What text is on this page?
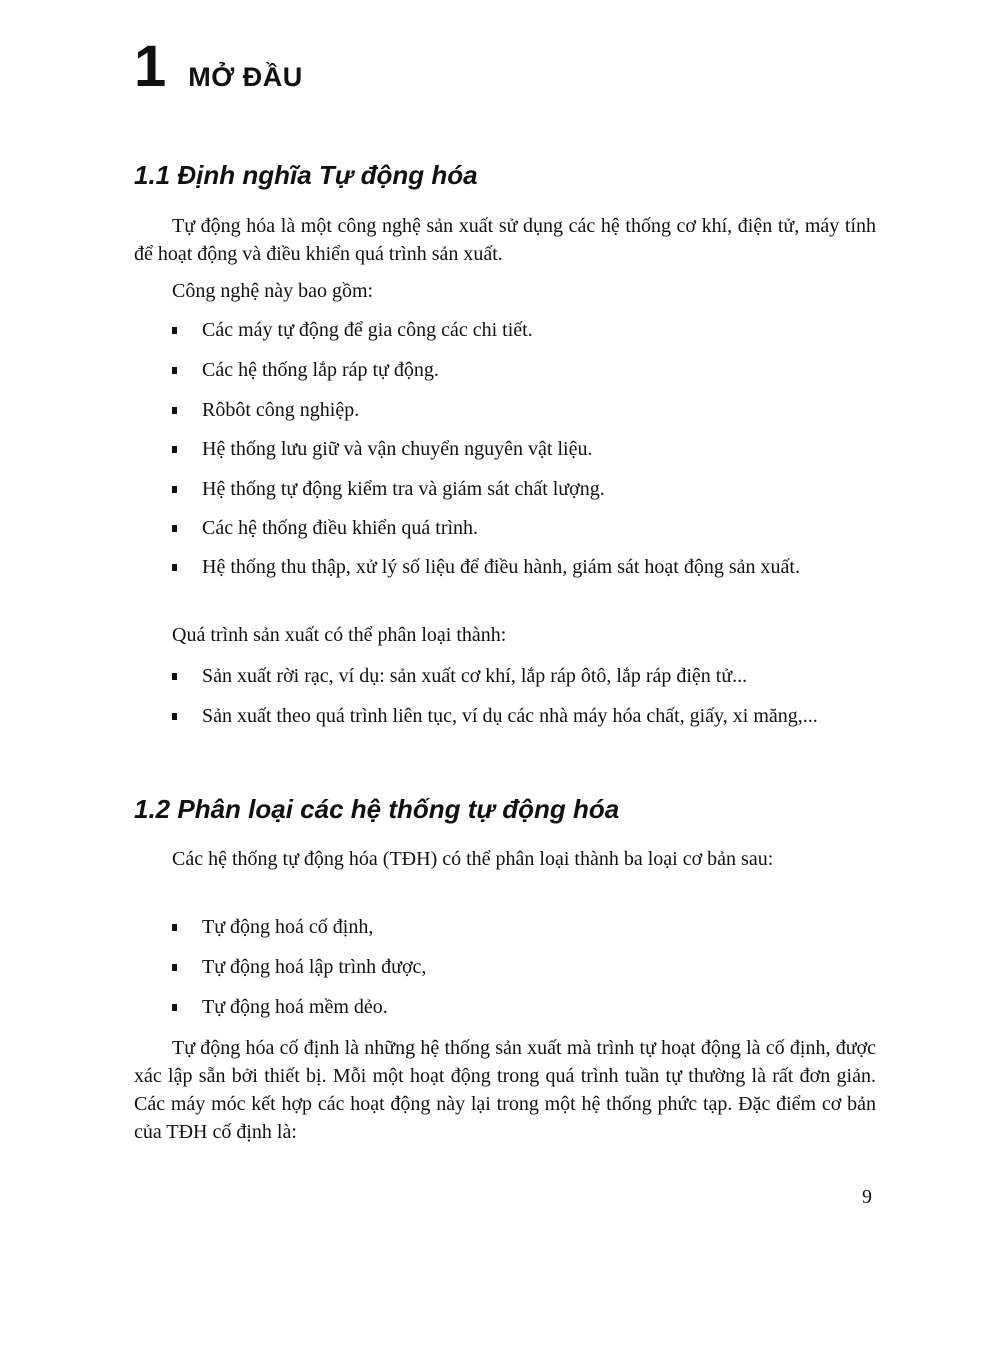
1 MỞ ĐẦU
1.1 Định nghĩa Tự động hóa

Tự động hóa là một công nghệ sản xuất sử dụng các hệ thống cơ khí, điện tử, máy tính để hoạt động và điều khiển quá trình sản xuất.

Công nghệ này bao gồm:

Các máy tự động để gia công các chi tiết.
Các hệ thống lắp ráp tự động.
Rôbôt công nghiệp.
Hệ thống lưu giữ và vận chuyển nguyên vật liệu.
Hệ thống tự động kiểm tra và giám sát chất lượng.
Các hệ thống điều khiển quá trình.
Hệ thống thu thập, xử lý số liệu để điều hành, giám sát hoạt động sản xuất.

Quá trình sản xuất có thể phân loại thành:

Sản xuất rời rạc, ví dụ: sản xuất cơ khí, lắp ráp ôtô, lắp ráp điện tử...
Sản xuất theo quá trình liên tục, ví dụ các nhà máy hóa chất, giấy, xi măng,...
1.2 Phân loại các hệ thống tự động hóa

Các hệ thống tự động hóa (TĐH) có thể phân loại thành ba loại cơ bản sau:

Tự động hoá cố định,
Tự động hoá lập trình được,
Tự động hoá mềm dẻo.

Tự động hóa cố định là những hệ thống sản xuất mà trình tự hoạt động là cố định, được xác lập sẵn bởi thiết bị. Mỗi một hoạt động trong quá trình tuần tự thường là rất đơn giản. Các máy móc kết hợp các hoạt động này lại trong một hệ thống phức tạp. Đặc điểm cơ bản của TĐH cố định là:

9
